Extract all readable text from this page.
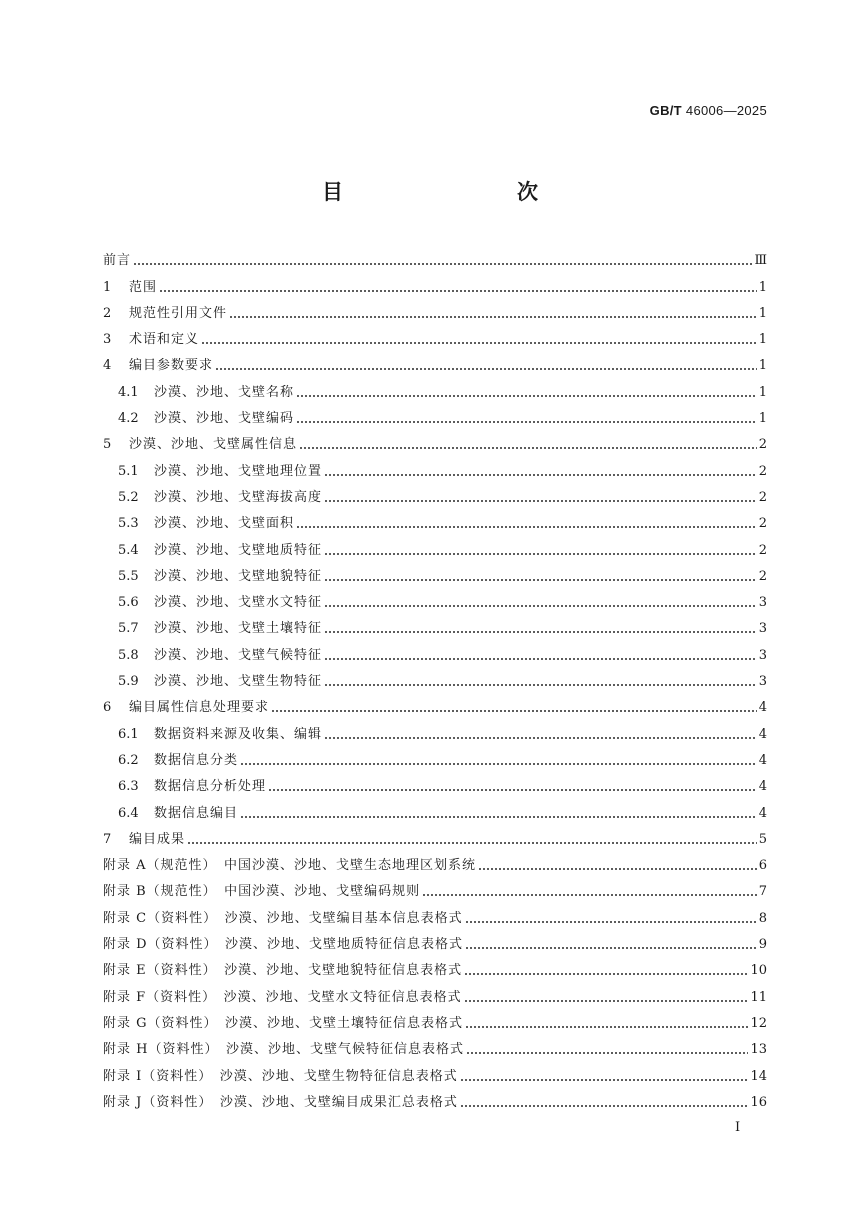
GB/T 46006—2025
目　　次
前言	Ⅲ
1	范围	1
2	规范性引用文件	1
3	术语和定义	1
4	编目参数要求	1
4.1	沙漠、沙地、戈壁名称	1
4.2	沙漠、沙地、戈壁编码	1
5	沙漠、沙地、戈壁属性信息	2
5.1	沙漠、沙地、戈壁地理位置	2
5.2	沙漠、沙地、戈壁海拔高度	2
5.3	沙漠、沙地、戈壁面积	2
5.4	沙漠、沙地、戈壁地质特征	2
5.5	沙漠、沙地、戈壁地貌特征	2
5.6	沙漠、沙地、戈壁水文特征	3
5.7	沙漠、沙地、戈壁土壤特征	3
5.8	沙漠、沙地、戈壁气候特征	3
5.9	沙漠、沙地、戈壁生物特征	3
6	编目属性信息处理要求	4
6.1	数据资料来源及收集、编辑	4
6.2	数据信息分类	4
6.3	数据信息分析处理	4
6.4	数据信息编目	4
7	编目成果	5
附录 A（规范性）　中国沙漠、沙地、戈壁生态地理区划系统	6
附录 B（规范性）　中国沙漠、沙地、戈壁编码规则	7
附录 C（资料性）　沙漠、沙地、戈壁编目基本信息表格式	8
附录 D（资料性）　沙漠、沙地、戈壁地质特征信息表格式	9
附录 E（资料性）　沙漠、沙地、戈壁地貌特征信息表格式	10
附录 F（资料性）　沙漠、沙地、戈壁水文特征信息表格式	11
附录 G（资料性）　沙漠、沙地、戈壁土壤特征信息表格式	12
附录 H（资料性）　沙漠、沙地、戈壁气候特征信息表格式	13
附录 I（资料性）　沙漠、沙地、戈壁生物特征信息表格式	14
附录 J（资料性）　沙漠、沙地、戈壁编目成果汇总表格式	16
I
